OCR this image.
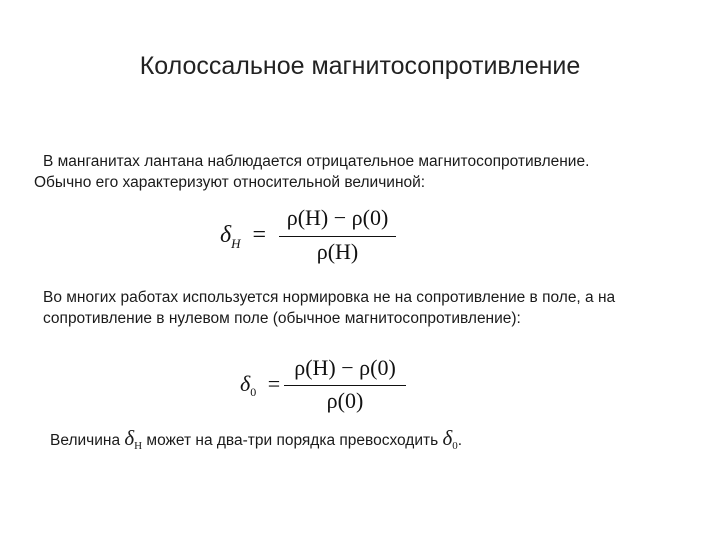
Колоссальное магнитосопротивление
В манганитах лантана наблюдается отрицательное магнитосопротивление.
Обычно его характеризуют относительной величиной:
$\delta_H$ =
ρ(H) − ρ(0)
ρ(H)
Во многих работах используется нормировка не на сопротивление в поле, а на
сопротивление в нулевом поле (обычное магнитосопротивление):
$\delta_0$ =
ρ(H) − ρ(0)
ρ(0)
Величина $\delta_H$ может на два-три порядка превосходить $\delta_0$.
